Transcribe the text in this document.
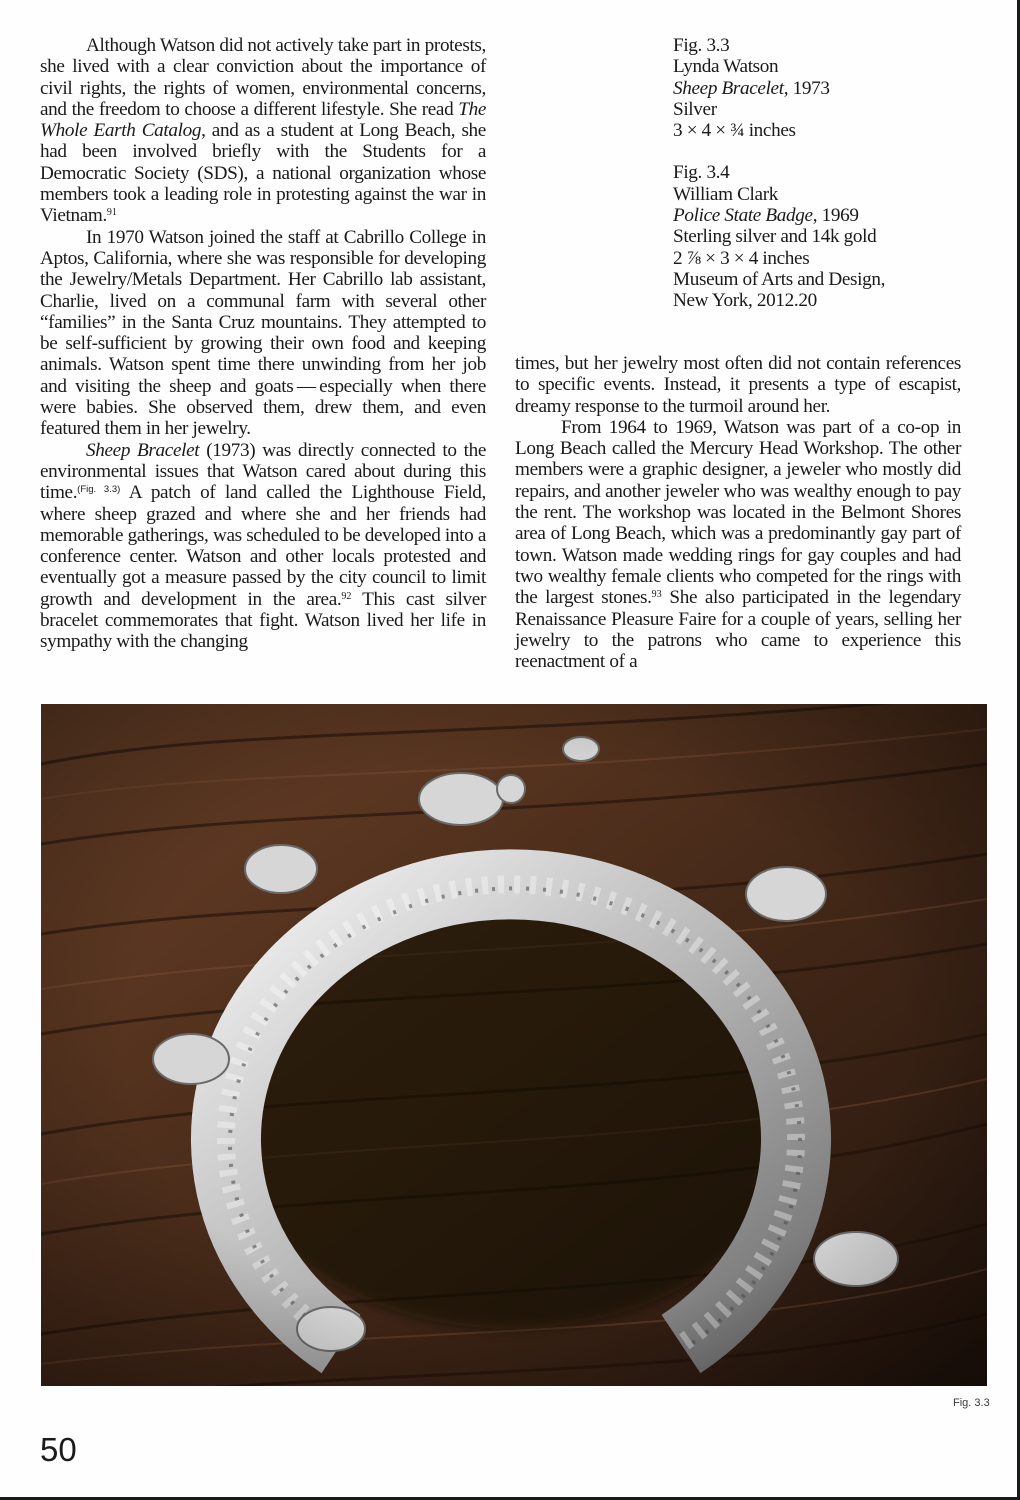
Although Watson did not actively take part in protests, she lived with a clear conviction about the importance of civil rights, the rights of women, environmental concerns, and the freedom to choose a different lifestyle. She read The Whole Earth Catalog, and as a student at Long Beach, she had been involved briefly with the Students for a Democratic Society (SDS), a national organization whose members took a leading role in protesting against the war in Vietnam.$^{91}$

In 1970 Watson joined the staff at Cabrillo College in Aptos, California, where she was responsible for developing the Jewelry/Metals Department. Her Cabrillo lab assistant, Charlie, lived on a communal farm with several other “families” in the Santa Cruz mountains. They attempted to be self-sufficient by growing their own food and keeping animals. Watson spent time there unwinding from her job and visiting the sheep and goats — especially when there were babies. She observed them, drew them, and even featured them in her jewelry.

Sheep Bracelet (1973) was directly connected to the environmental issues that Watson cared about during this time.$^{(Fig. 3.3)}$ A patch of land called the Lighthouse Field, where sheep grazed and where she and her friends had memorable gatherings, was scheduled to be developed into a conference center. Watson and other locals protested and eventually got a measure passed by the city council to limit growth and development in the area.$^{92}$ This cast silver bracelet commemorates that fight. Watson lived her life in sympathy with the changing

Fig. 3.3
Lynda Watson
Sheep Bracelet, 1973
Silver
3 × 4 × ¾ inches
Fig. 3.4
William Clark
Police State Badge, 1969
Sterling silver and 14k gold
2 ⅞ × 3 × 4 inches
Museum of Arts and Design,
New York, 2012.20

times, but her jewelry most often did not contain references to specific events. Instead, it presents a type of escapist, dreamy response to the turmoil around her.

From 1964 to 1969, Watson was part of a co-op in Long Beach called the Mercury Head Workshop. The other members were a graphic designer, a jeweler who mostly did repairs, and another jeweler who was wealthy enough to pay the rent. The workshop was located in the Belmont Shores area of Long Beach, which was a predominantly gay part of town. Watson made wedding rings for gay couples and had two wealthy female clients who competed for the rings with the largest stones.$^{93}$ She also participated in the legendary Renaissance Pleasure Faire for a couple of years, selling her jewelry to the patrons who came to experience this reenactment of a

Fig. 3.3
50
